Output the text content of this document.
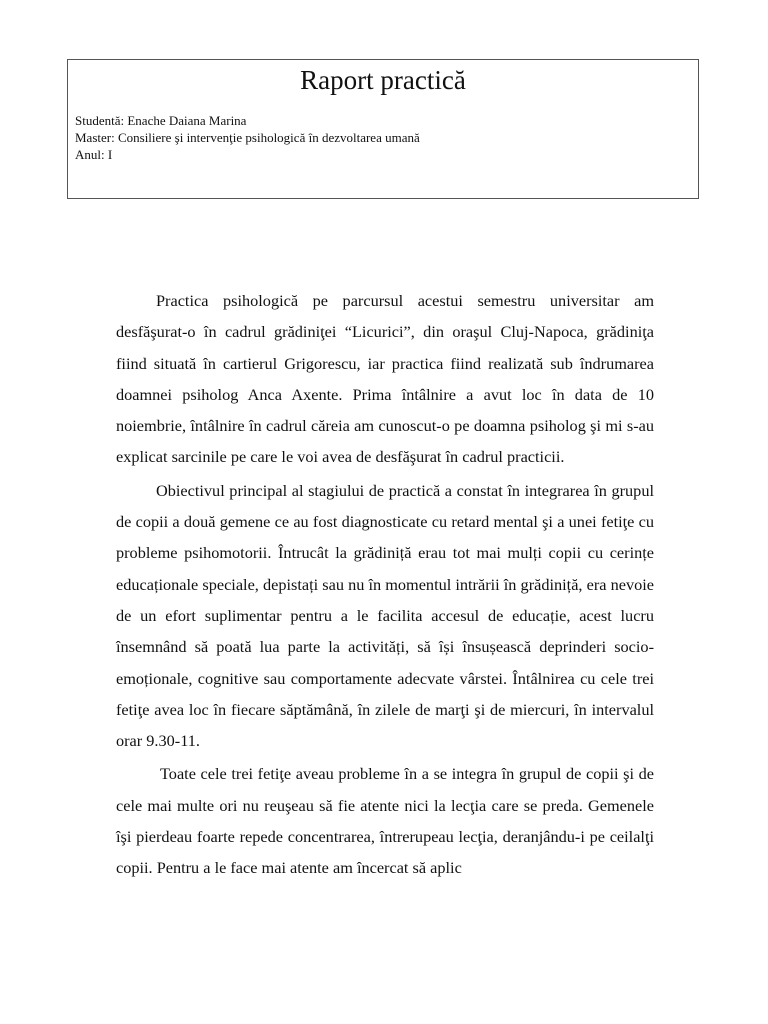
Raport practică
Studentă: Enache Daiana Marina
Master: Consiliere şi intervenţie psihologică în dezvoltarea umană
Anul: I

Practica psihologică pe parcursul acestui semestru universitar am desfăşurat-o în cadrul grădiniţei “Licurici”, din oraşul Cluj-Napoca, grădiniţa fiind situată în cartierul Grigorescu, iar practica fiind realizată sub îndrumarea doamnei psiholog Anca Axente. Prima întâlnire a avut loc în data de 10 noiembrie, întâlnire în cadrul căreia am cunoscut-o pe doamna psiholog şi mi s-au explicat sarcinile pe care le voi avea de desfăşurat în cadrul practicii.

Obiectivul principal al stagiului de practică a constat în integrarea în grupul de copii a două gemene ce au fost diagnosticate cu retard mental şi a unei fetiţe cu probleme psihomotorii. Întrucât la grădiniță erau tot mai mulți copii cu cerințe educaționale speciale, depistați sau nu în momentul intrării în grădiniță, era nevoie de un efort suplimentar pentru a le facilita accesul de educație, acest lucru însemnând să poată lua parte la activități, să își însușească deprinderi socio-emoționale, cognitive sau comportamente adecvate vârstei. Întâlnirea cu cele trei fetiţe avea loc în fiecare săptămână, în zilele de marţi şi de miercuri, în intervalul orar 9.30-11.

Toate cele trei fetiţe aveau probleme în a se integra în grupul de copii şi de cele mai multe ori nu reuşeau să fie atente nici la lecţia care se preda. Gemenele îşi pierdeau foarte repede concentrarea, întrerupeau lecţia, deranjându-i pe ceilalţi copii. Pentru a le face mai atente am încercat să aplic
